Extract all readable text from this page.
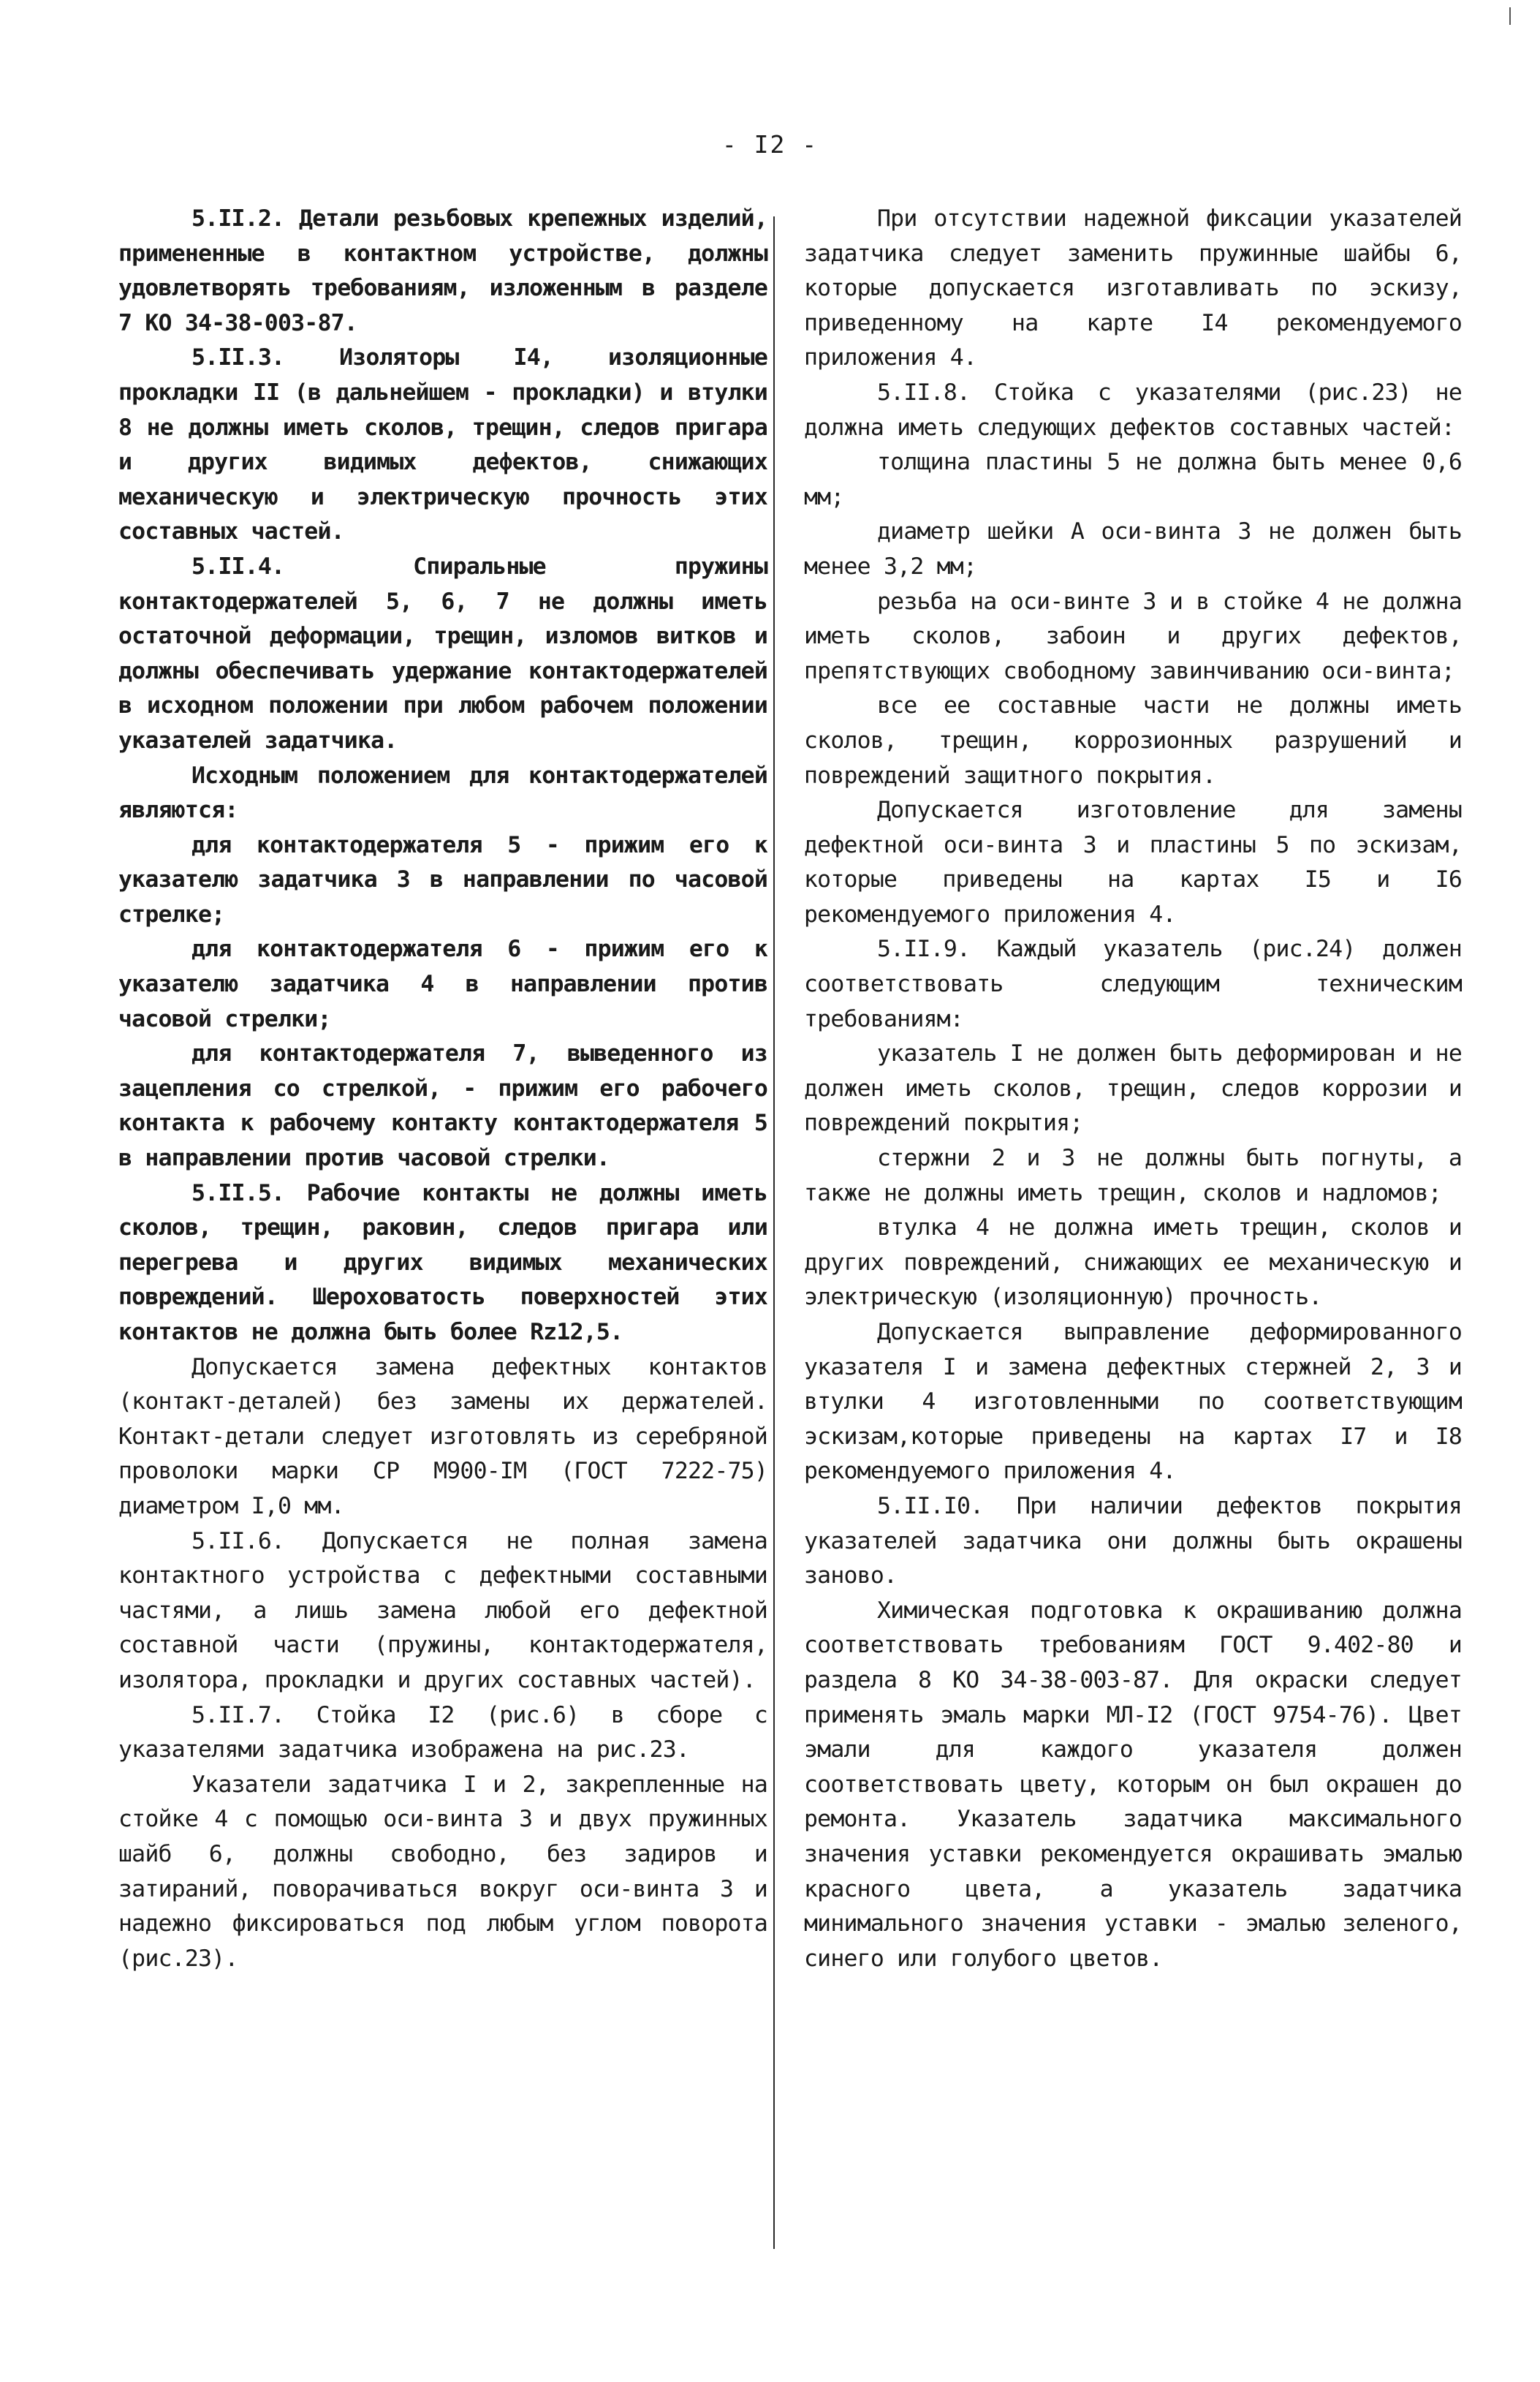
- I2 -

5.II.2. Детали резьбовых крепежных изделий, примененные в контактном устройстве, должны удовлетворять требованиям, изложенным в разделе 7 КО 34-38-003-87.

5.II.3. Изоляторы I4, изоляционные прокладки II (в дальнейшем - прокладки) и втулки 8 не должны иметь сколов, трещин, следов пригара и других видимых дефектов, снижающих механическую и электрическую прочность этих составных частей.

5.II.4. Спиральные пружины контактодержателей 5, 6, 7 не должны иметь остаточной деформации, трещин, изломов витков и должны обеспечивать удержание контактодержателей в исходном положении при любом рабочем положении указателей задатчика.

Исходным положением для контактодержателей являются:

для контактодержателя 5 - прижим его к указателю задатчика 3 в направлении по часовой стрелке;

для контактодержателя 6 - прижим его к указателю задатчика 4 в направлении против часовой стрелки;

для контактодержателя 7, выведенного из зацепления со стрелкой, - прижим его рабочего контакта к рабочему контакту контактодержателя 5 в направлении против часовой стрелки.

5.II.5. Рабочие контакты не должны иметь сколов, трещин, раковин, следов пригара или перегрева и других видимых механических повреждений. Шероховатость поверхностей этих контактов не должна быть более Rz12,5.

Допускается замена дефектных контактов (контакт-деталей) без замены их держателей. Контакт-детали следует изготовлять из серебряной проволоки марки СР М900-IМ (ГОСТ 7222-75) диаметром I,0 мм.

5.II.6. Допускается не полная замена контактного устройства с дефектными составными частями, а лишь замена любой его дефектной составной части (пружины, контактодержателя, изолятора, прокладки и других составных частей).

5.II.7. Стойка I2 (рис.6) в сборе с указателями задатчика изображена на рис.23.

Указатели задатчика I и 2, закрепленные на стойке 4 с помощью оси-винта 3 и двух пружинных шайб 6, должны свободно, без задиров и затираний, поворачиваться вокруг оси-винта 3 и надежно фиксироваться под любым углом поворота (рис.23).

При отсутствии надежной фиксации указателей задатчика следует заменить пружинные шайбы 6, которые допускается изготавливать по эскизу, приведенному на карте I4 рекомендуемого приложения 4.

5.II.8. Стойка с указателями (рис.23) не должна иметь следующих дефектов составных частей:

толщина пластины 5 не должна быть менее 0,6 мм;

диаметр шейки А оси-винта 3 не должен быть менее 3,2 мм;

резьба на оси-винте 3 и в стойке 4 не должна иметь сколов, забоин и других дефектов, препятствующих свободному завинчиванию оси-винта;

все ее составные части не должны иметь сколов, трещин, коррозионных разрушений и повреждений защитного покрытия.

Допускается изготовление для замены дефектной оси-винта 3 и пластины 5 по эскизам, которые приведены на картах I5 и I6 рекомендуемого приложения 4.

5.II.9. Каждый указатель (рис.24) должен соответствовать следующим техническим требованиям:

указатель I не должен быть деформирован и не должен иметь сколов, трещин, следов коррозии и повреждений покрытия;

стержни 2 и 3 не должны быть погнуты, а также не должны иметь трещин, сколов и надломов;

втулка 4 не должна иметь трещин, сколов и других повреждений, снижающих ее механическую и электрическую (изоляционную) прочность.

Допускается выправление деформированного указателя I и замена дефектных стержней 2, 3 и втулки 4 изготовленными по соответствующим эскизам,которые приведены на картах I7 и I8 рекомендуемого приложения 4.

5.II.I0. При наличии дефектов покрытия указателей задатчика они должны быть окрашены заново.

Химическая подготовка к окрашиванию должна соответствовать требованиям ГОСТ 9.402-80 и раздела 8 КО 34-38-003-87. Для окраски следует применять эмаль марки МЛ-I2 (ГОСТ 9754-76). Цвет эмали для каждого указателя должен соответствовать цвету, которым он был окрашен до ремонта. Указатель задатчика максимального значения уставки рекомендуется окрашивать эмалью красного цвета, а указатель задатчика минимального значения уставки - эмалью зеленого, синего или голубого цветов.
